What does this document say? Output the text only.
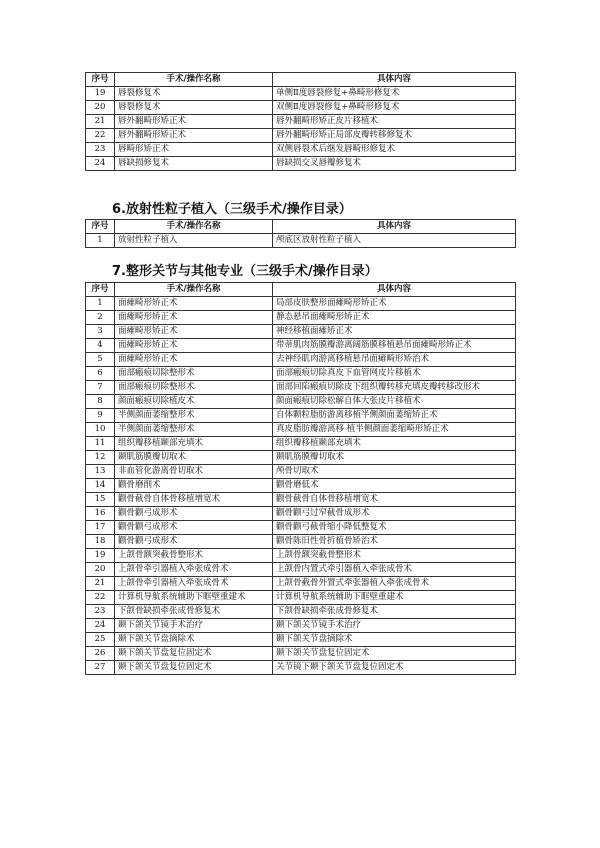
序号	手术/操作名称	具体内容
19	唇裂修复术	单侧Ⅱ度唇裂修复+鼻畸形修复术
20	唇裂修复术	双侧Ⅱ度唇裂修复+鼻畸形修复术
21	唇外翻畸形矫正术	唇外翻畸形矫正皮片移植术
22	唇外翻畸形矫正术	唇外翻畸形矫正局部皮瓣转移修复术
23	唇畸形矫正术	双侧唇裂术后继发唇畸形修复术
24	唇缺损修复术	唇缺损交叉唇瓣修复术
6.放射性粒子植入（三级手术/操作目录）
序号	手术/操作名称	具体内容
1	放射性粒子植入	颅底区放射性粒子植入
7.整形关节与其他专业（三级手术/操作目录）
序号	手术/操作名称	具体内容
1	面瘫畸形矫正术	局部皮肤整形面瘫畸形矫正术
2	面瘫畸形矫正术	静态悬吊面瘫畸形矫正术
3	面瘫畸形矫正术	神经移植面瘫矫正术
4	面瘫畸形矫正术	带蒂肌肉筋膜瓣游离阔筋膜移植悬吊面瘫畸形矫正术
5	面瘫畸形矫正术	去神经肌肉游离移植悬吊面瘫畸形矫治术
6	面部瘢痕切除整形术	面部瘢痕切除真皮下血管网皮片移植术
7	面部瘢痕切除整形术	面部回陷瘢痕切除皮下组织瓣转移充填皮瓣转移改形术
8	颜面瘢痕切除植皮术	颜面瘢痕切除松解自体大张皮片移植术
9	半侧颜面萎缩整形术	自体颗粒脂肪游离移植半侧颜面萎缩矫正术
10	半侧颜面萎缩整形术	真皮脂肪瓣游离移 植半侧颜面萎缩畸形矫正术
11	组织瓣移植颞部充填术	组织瓣移植颞部充填术
12	颞肌筋膜瓣切取术	颞肌筋膜瓣切取术
13	非血管化游离骨切取术	颅骨切取术
14	颧骨磨削术	颧骨磨低术
15	颧骨截骨自体骨移植增宽术	颧骨截骨自体骨移植增宽术
16	颧骨颧弓成形术	颧骨颧弓过窄截骨成形术
17	颧骨颧弓成形术	颧骨颧弓截骨缩小降低整复术
18	颧骨颧弓成形术	颧骨陈旧性骨折植骨矫治术
19	上颌骨额突截骨整形术	上颌骨额突截骨整形术
20	上颌骨牵引器植入牵张成骨术	上颌骨内置式牵引器植入牵张成骨术
21	上颌骨牵引器植入牵张成骨术	上颌骨截骨外置式牵张器植入牵张成骨术
22	计算机导航系统辅助下眶壁重建术	计算机导航系统辅助下眶壁重建术
23	下颌骨缺损牵张成骨修复术	下颌骨缺损牵张成骨修复术
24	颞下颌关节镜手术治疗	颞下颌关节镜手术治疗
25	颞下颌关节盘摘除术	颞下颌关节盘摘除术
26	颞下颌关节盘复位固定术	颞下颌关节盘复位固定术
27	颞下颌关节盘复位固定术	关节镜下颞下颌关节盘复位固定术
